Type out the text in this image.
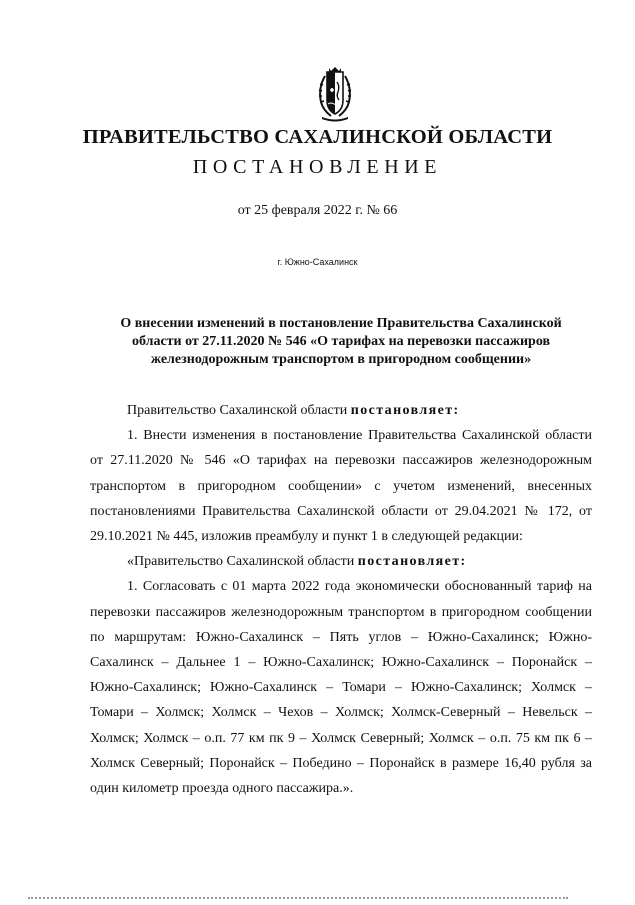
ПРАВИТЕЛЬСТВО САХАЛИНСКОЙ ОБЛАСТИ
ПОСТАНОВЛЕНИЕ
от 25 февраля 2022 г. № 66
г. Южно-Сахалинск
О внесении изменений в постановление Правительства Сахалинской
области от 27.11.2020 № 546 «О тарифах на перевозки пассажиров
железнодорожным транспортом в пригородном сообщении»

Правительство Сахалинской области постановляет:

1. Внести изменения в постановление Правительства Сахалинской области от 27.11.2020 № 546 «О тарифах на перевозки пассажиров железнодорожным транспортом в пригородном сообщении» с учетом изменений, внесенных постановлениями Правительства Сахалинской области от 29.04.2021 № 172, от 29.10.2021 № 445, изложив преамбулу и пункт 1 в следующей редакции:

«Правительство Сахалинской области постановляет:

1. Согласовать с 01 марта 2022 года экономически обоснованный тариф на перевозки пассажиров железнодорожным транспортом в пригородном сообщении по маршрутам: Южно-Сахалинск – Пять углов – Южно-Сахалинск; Южно-Сахалинск – Дальнее 1 – Южно-Сахалинск; Южно-Сахалинск – Поронайск – Южно-Сахалинск; Южно-Сахалинск – Томари – Южно-Сахалинск; Холмск – Томари – Холмск; Холмск – Чехов – Холмск; Холмск-Северный – Невельск – Холмск; Холмск – о.п. 77 км пк 9 – Холмск Северный; Холмск – о.п. 75 км пк 6 – Холмск Северный; Поронайск – Победино – Поронайск в размере 16,40 рубля за один километр проезда одного пассажира.».
